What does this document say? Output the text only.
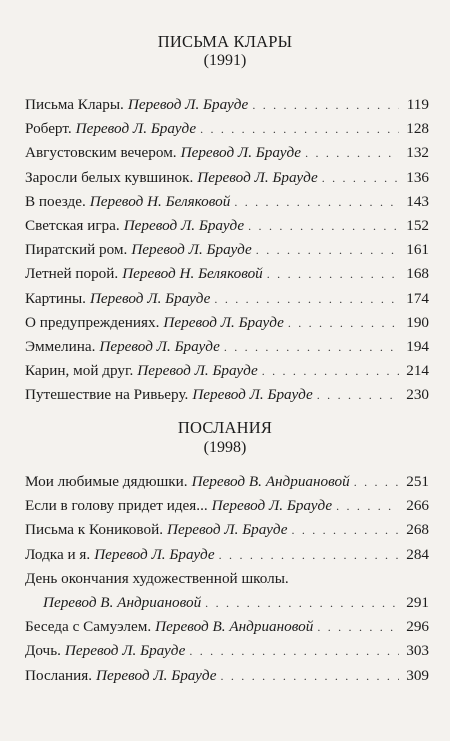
ПИСЬМА КЛАРЫ
(1991)
Письма Клары. Перевод Л. Брауде . . .	119
Роберт. Перевод Л. Брауде . . .	128
Августовским вечером. Перевод Л. Брауде . . .	132
Заросли белых кувшинок. Перевод Л. Брауде . . .	136
В поезде. Перевод Н. Беляковой . . .	143
Светская игра. Перевод Л. Брауде . . .	152
Пиратский ром. Перевод Л. Брауде . . .	161
Летней порой. Перевод Н. Беляковой . . .	168
Картины. Перевод Л. Брауде . . .	174
О предупреждениях. Перевод Л. Брауде . . .	190
Эммелина. Перевод Л. Брауде . . .	194
Карин, мой друг. Перевод Л. Брауде . . .	214
Путешествие на Ривьеру. Перевод Л. Брауде . . .	230
ПОСЛАНИЯ
(1998)
Мои любимые дядюшки. Перевод В. Андриановой . . .	251
Если в голову придет идея... Перевод Л. Брауде . . .	266
Письма к Кониковой. Перевод Л. Брауде . . .	268
Лодка и я. Перевод Л. Брауде . . .	284
День окончания художественной школы.
Перевод В. Андриановой . . .	291
Беседа с Самуэлем. Перевод В. Андриановой . . .	296
Дочь. Перевод Л. Брауде . . .	303
Послания. Перевод Л. Брауде . . .	309
